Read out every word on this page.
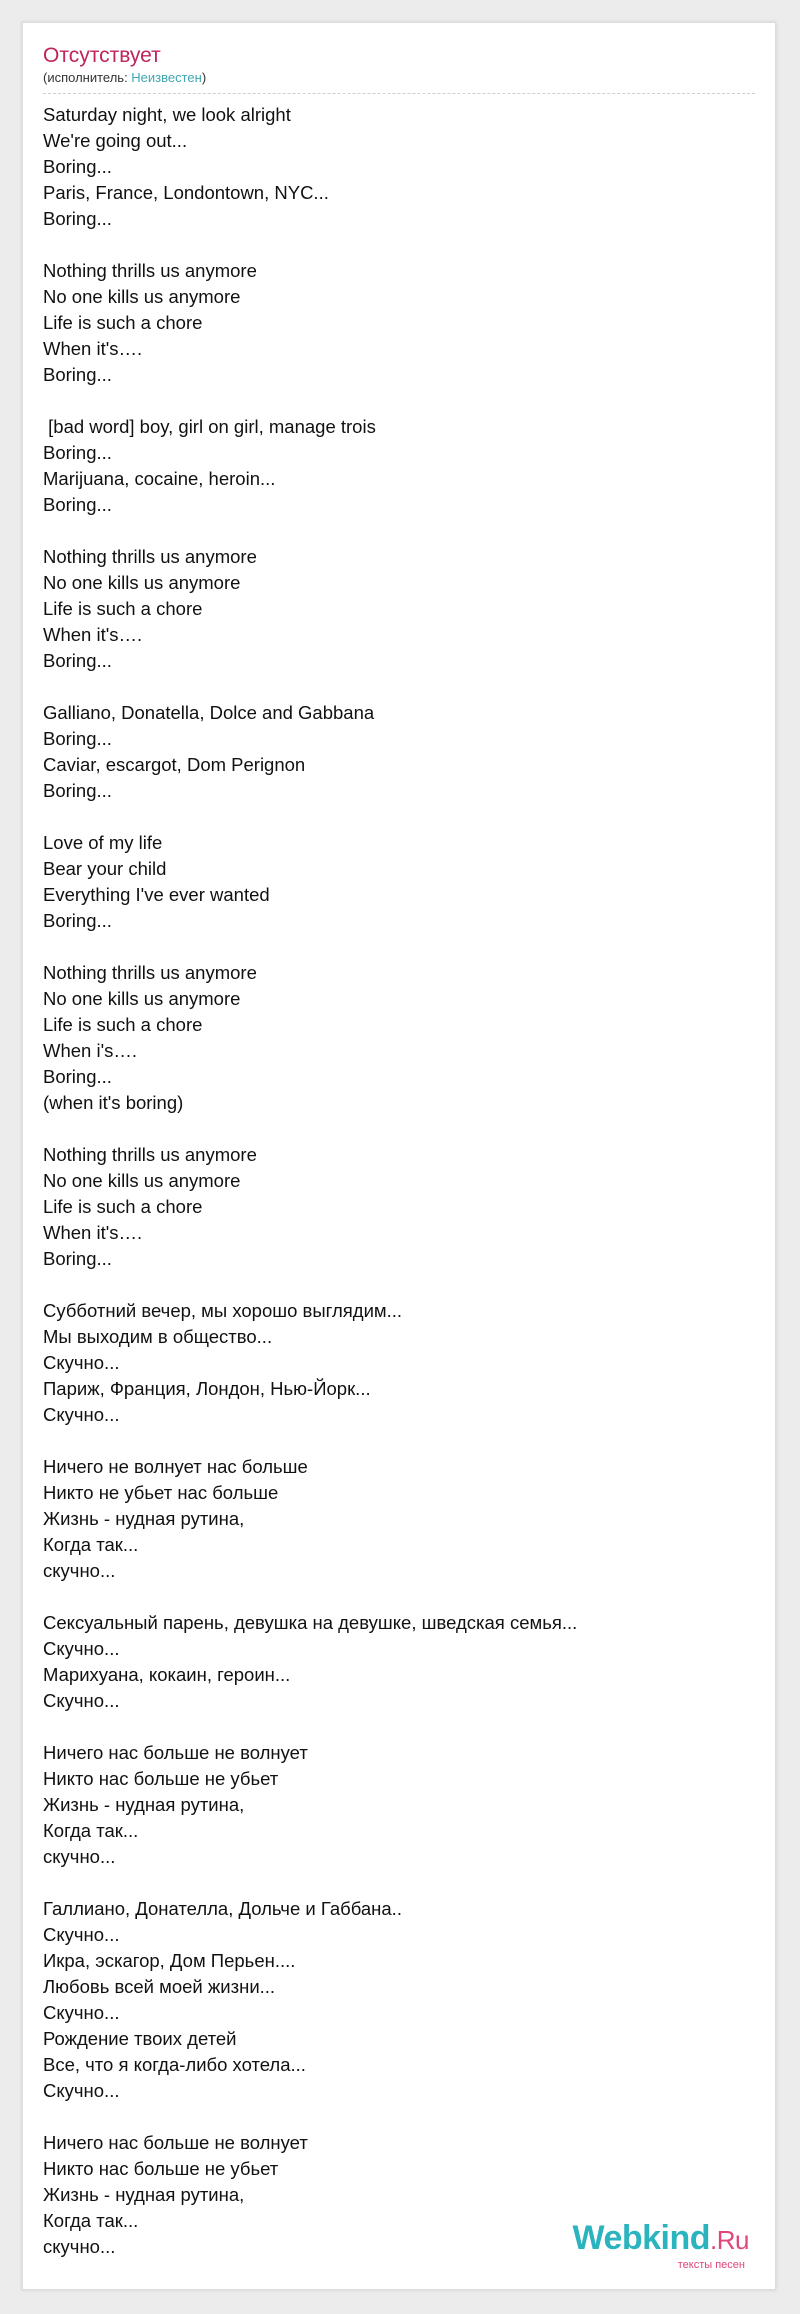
Отсутствует
(исполнитель: Неизвестен)
Saturday night, we look alright
We're going out...
Boring...
Paris, France, Londontown, NYC...
Boring...
Nothing thrills us anymore
No one kills us anymore
Life is such a chore
When it's….
Boring...
[bad word] boy, girl on girl, manage trois
Boring...
Marijuana, cocaine, heroin...
Boring...
Nothing thrills us anymore
No one kills us anymore
Life is such a chore
When it's….
Boring...
Galliano, Donatella, Dolce and Gabbana
Boring...
Caviar, escargot, Dom Perignon
Boring...
Love of my life
Bear your child
Everything I've ever wanted
Boring...
Nothing thrills us anymore
No one kills us anymore
Life is such a chore
When i's….
Boring...
(when it's boring)
Nothing thrills us anymore
No one kills us anymore
Life is such a chore
When it's….
Boring...
Субботний вечер, мы хорошо выглядим...
Мы выходим в общество...
Скучно...
Париж, Франция, Лондон, Нью-Йорк...
Скучно...
Ничего не волнует нас больше
Никто не убьет нас больше
Жизнь - нудная рутина,
Когда так...
скучно...
Сексуальный парень, девушка на девушке, шведская семья...
Скучно...
Марихуана, кокаин, героин...
Скучно...
Ничего нас больше не волнует
Никто нас больше не убьет
Жизнь - нудная рутина,
Когда так...
скучно...
Галлиано, Донателла, Дольче и Габбана..
Скучно...
Икра, эскагор, Дом Перьен....
Любовь всей моей жизни...
Скучно...
Рождение твоих детей
Все, что я когда-либо хотела...
Скучно...
Ничего нас больше не волнует
Никто нас больше не убьет
Жизнь - нудная рутина,
Когда так...
скучно...	Webkind.Ru
тексты песен
